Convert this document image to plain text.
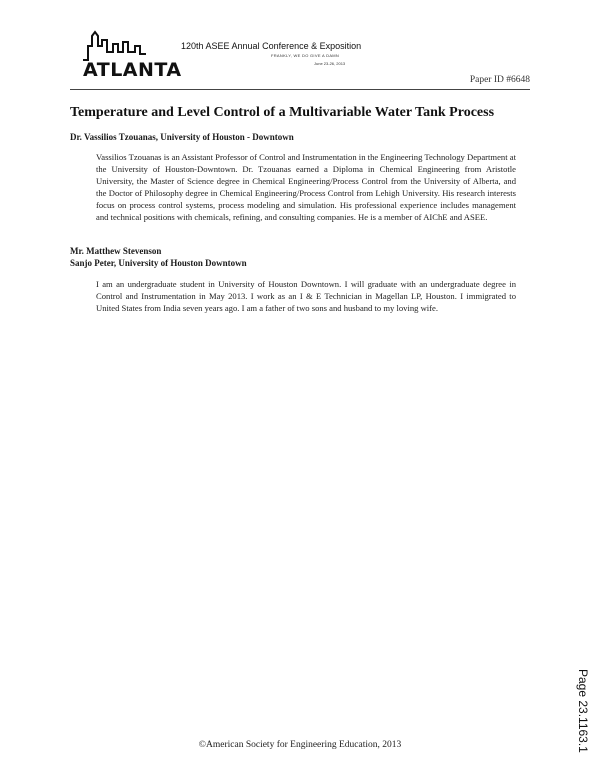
ATLANTA
120th ASEE Annual Conference & Exposition
FRANKLY, WE DO GIVE A DAMN
June 23-26, 2013
Paper ID #6648
Temperature and Level Control of a Multivariable Water Tank Process
Dr. Vassilios Tzouanas, University of Houston - Downtown

Vassilios Tzouanas is an Assistant Professor of Control and Instrumentation in the Engineering Technology Department at the University of Houston-Downtown. Dr. Tzouanas earned a Diploma in Chemical Engineering from Aristotle University, the Master of Science degree in Chemical Engineering/Process Control from the University of Alberta, and the Doctor of Philosophy degree in Chemical Engineering/Process Control from Lehigh University. His research interests focus on process control systems, process modeling and simulation. His professional experience includes management and technical positions with chemicals, refining, and consulting companies. He is a member of AIChE and ASEE.

Mr. Matthew Stevenson
Sanjo Peter, University of Houston Downtown

I am an undergraduate student in University of Houston Downtown. I will graduate with an undergraduate degree in Control and Instrumentation in May 2013. I work as an I & E Technician in Magellan LP, Houston. I immigrated to United States from India seven years ago. I am a father of two sons and husband to my loving wife.

Page 23.1163.1
©American Society for Engineering Education, 2013
